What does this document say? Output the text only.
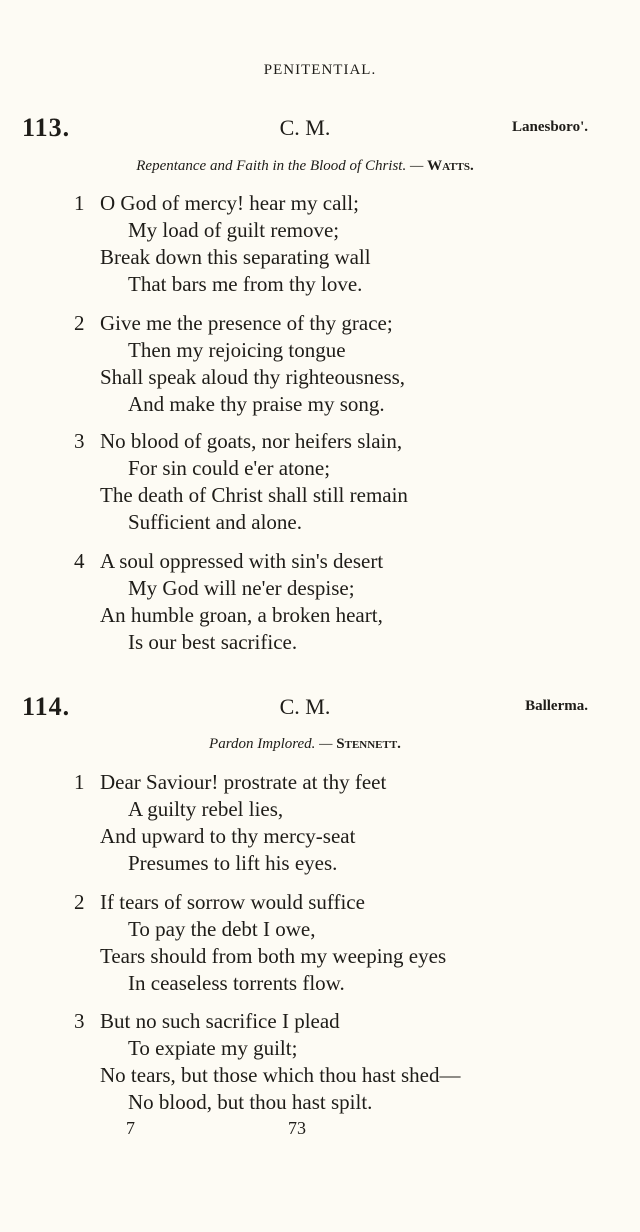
PENITENTIAL.
113.	C. M.	Lanesboro'.
Repentance and Faith in the Blood of Christ. — Watts.
1 O God of mercy! hear my call;
My load of guilt remove;
Break down this separating wall
That bars me from thy love.
2 Give me the presence of thy grace;
Then my rejoicing tongue
Shall speak aloud thy righteousness,
And make thy praise my song.
3 No blood of goats, nor heifers slain,
For sin could e'er atone;
The death of Christ shall still remain
Sufficient and alone.
4 A soul oppressed with sin's desert
My God will ne'er despise;
An humble groan, a broken heart,
Is our best sacrifice.
114.	C. M.	Ballerma.
Pardon Implored. — Stennett.
1 Dear Saviour! prostrate at thy feet
A guilty rebel lies,
And upward to thy mercy-seat
Presumes to lift his eyes.
2 If tears of sorrow would suffice
To pay the debt I owe,
Tears should from both my weeping eyes
In ceaseless torrents flow.
3 But no such sacrifice I plead
To expiate my guilt;
No tears, but those which thou hast shed—
No blood, but thou hast spilt.
7	73
